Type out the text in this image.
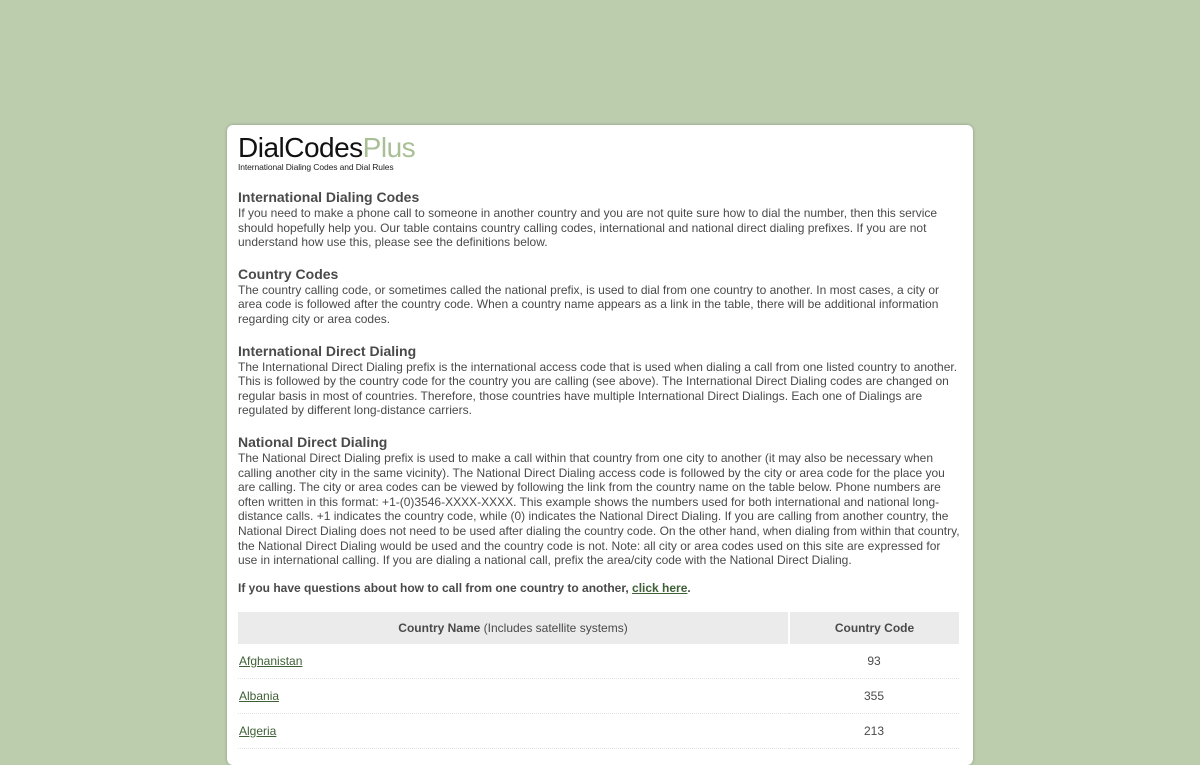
DialCodesPlus
International Dialing Codes and Dial Rules
International Dialing Codes

If you need to make a phone call to someone in another country and you are not quite sure how to dial the number, then this service should hopefully help you. Our table contains country calling codes, international and national direct dialing prefixes. If you are not understand how use this, please see the definitions below.

Country Codes

The country calling code, or sometimes called the national prefix, is used to dial from one country to another. In most cases, a city or area code is followed after the country code. When a country name appears as a link in the table, there will be additional information regarding city or area codes.

International Direct Dialing

The International Direct Dialing prefix is the international access code that is used when dialing a call from one listed country to another. This is followed by the country code for the country you are calling (see above). The International Direct Dialing codes are changed on regular basis in most of countries. Therefore, those countries have multiple International Direct Dialings. Each one of Dialings are regulated by different long-distance carriers.

National Direct Dialing

The National Direct Dialing prefix is used to make a call within that country from one city to another (it may also be necessary when calling another city in the same vicinity). The National Direct Dialing access code is followed by the city or area code for the place you are calling. The city or area codes can be viewed by following the link from the country name on the table below. Phone numbers are often written in this format: +1-(0)3546-XXXX-XXXX. This example shows the numbers used for both international and national long-distance calls. +1 indicates the country code, while (0) indicates the National Direct Dialing. If you are calling from another country, the National Direct Dialing does not need to be used after dialing the country code. On the other hand, when dialing from within that country, the National Direct Dialing would be used and the country code is not. Note: all city or area codes used on this site are expressed for use in international calling. If you are dialing a national call, prefix the area/city code with the National Direct Dialing.

If you have questions about how to call from one country to another, click here.
Country Name (Includes satellite systems)	Country Code
Afghanistan	93
Albania	355
Algeria	213
